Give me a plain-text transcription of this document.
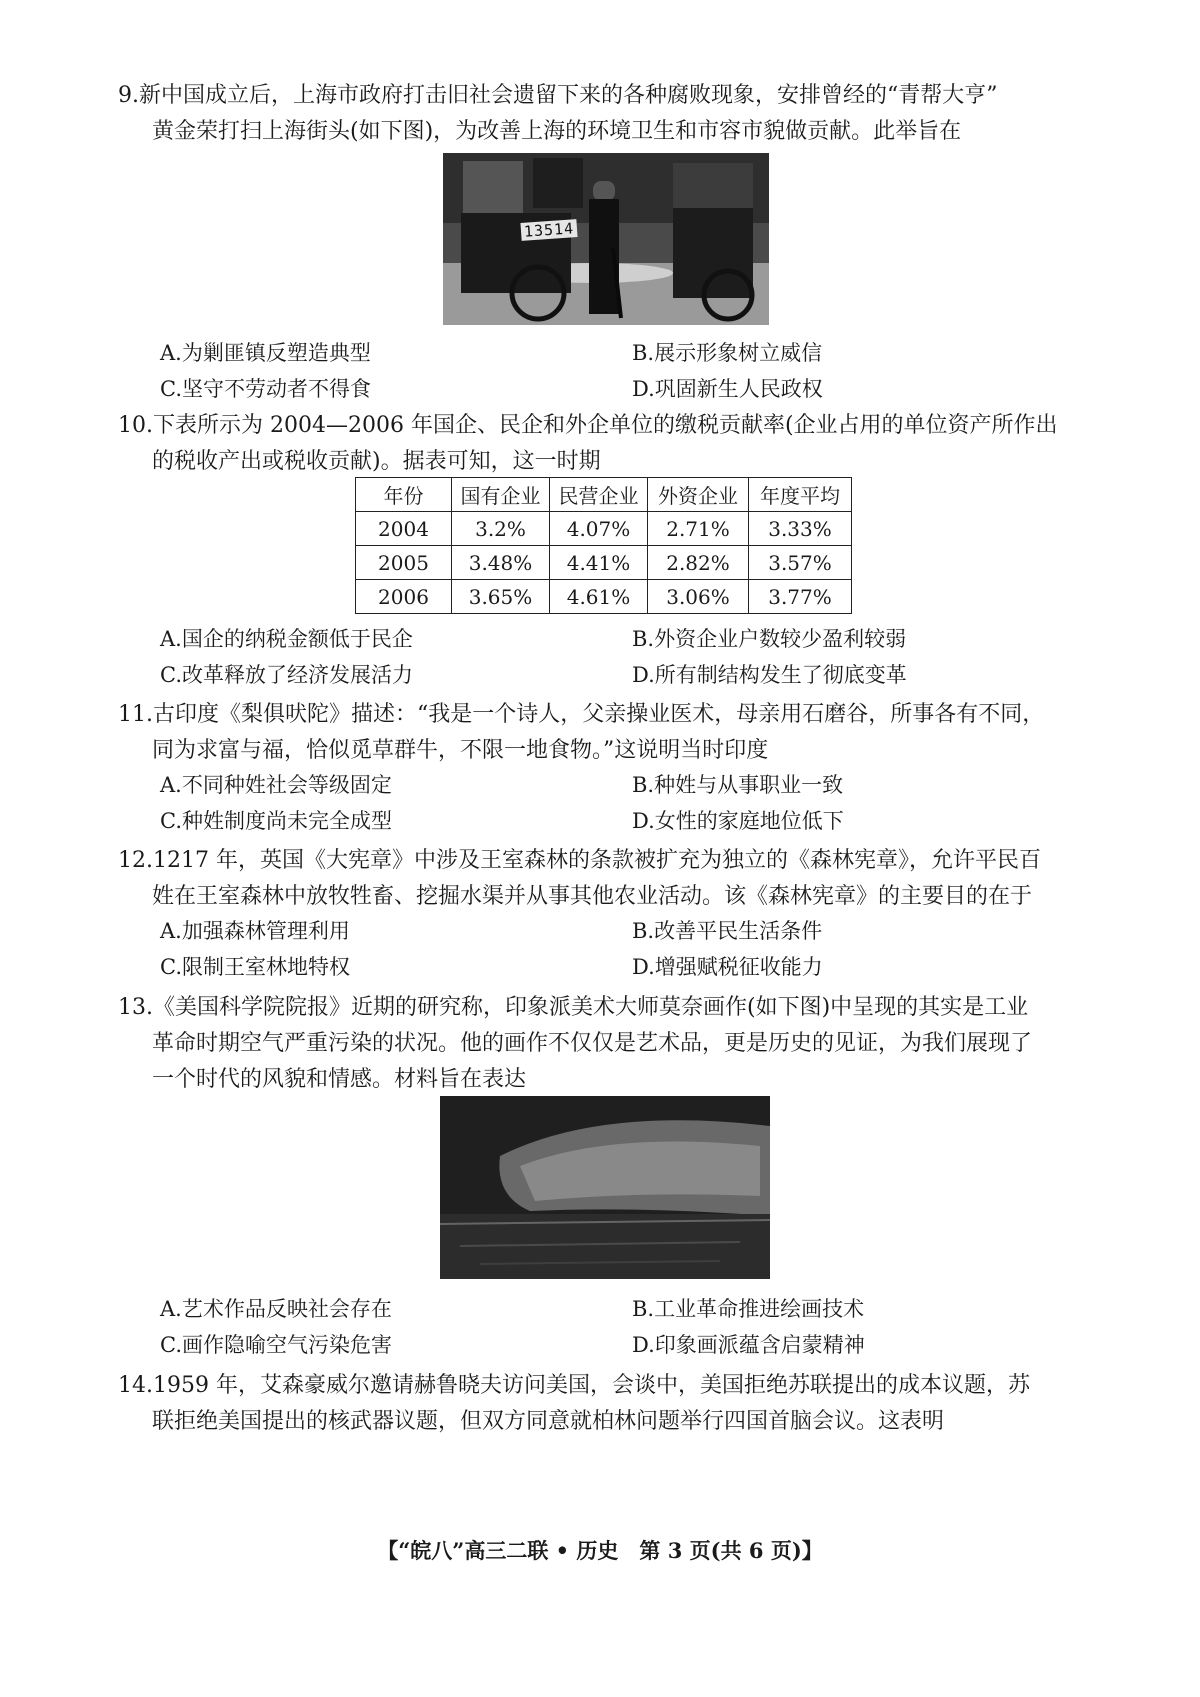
9.新中国成立后，上海市政府打击旧社会遗留下来的各种腐败现象，安排曾经的“青帮大亨”
黄金荣打扫上海街头(如下图)，为改善上海的环境卫生和市容市貌做贡献。此举旨在

13514
A.为剿匪镇反塑造典型	B.展示形象树立威信
C.坚守不劳动者不得食	D.巩固新生人民政权

10.下表所示为 2004—2006 年国企、民企和外企单位的缴税贡献率(企业占用的单位资产所作出
的税收产出或税收贡献)。据表可知，这一时期

年份	国有企业	民营企业	外资企业	年度平均
2004	3.2%	4.07%	2.71%	3.33%
2005	3.48%	4.41%	2.82%	3.57%
2006	3.65%	4.61%	3.06%	3.77%
A.国企的纳税金额低于民企	B.外资企业户数较少盈利较弱
C.改革释放了经济发展活力	D.所有制结构发生了彻底变革

11.古印度《梨俱吠陀》描述：“我是一个诗人，父亲操业医术，母亲用石磨谷，所事各有不同，
同为求富与福，恰似觅草群牛，不限一地食物。”这说明当时印度

A.不同种姓社会等级固定	B.种姓与从事职业一致
C.种姓制度尚未完全成型	D.女性的家庭地位低下

12.1217 年，英国《大宪章》中涉及王室森林的条款被扩充为独立的《森林宪章》，允许平民百
姓在王室森林中放牧牲畜、挖掘水渠并从事其他农业活动。该《森林宪章》的主要目的在于

A.加强森林管理利用	B.改善平民生活条件
C.限制王室林地特权	D.增强赋税征收能力

13.《美国科学院院报》近期的研究称，印象派美术大师莫奈画作(如下图)中呈现的其实是工业
革命时期空气严重污染的状况。他的画作不仅仅是艺术品，更是历史的见证，为我们展现了
一个时代的风貌和情感。材料旨在表达

A.艺术作品反映社会存在	B.工业革命推进绘画技术
C.画作隐喻空气污染危害	D.印象画派蕴含启蒙精神

14.1959 年，艾森豪威尔邀请赫鲁晓夫访问美国，会谈中，美国拒绝苏联提出的成本议题，苏
联拒绝美国提出的核武器议题，但双方同意就柏林问题举行四国首脑会议。这表明

【“皖八”高三二联 • 历史　第 3 页(共 6 页)】
